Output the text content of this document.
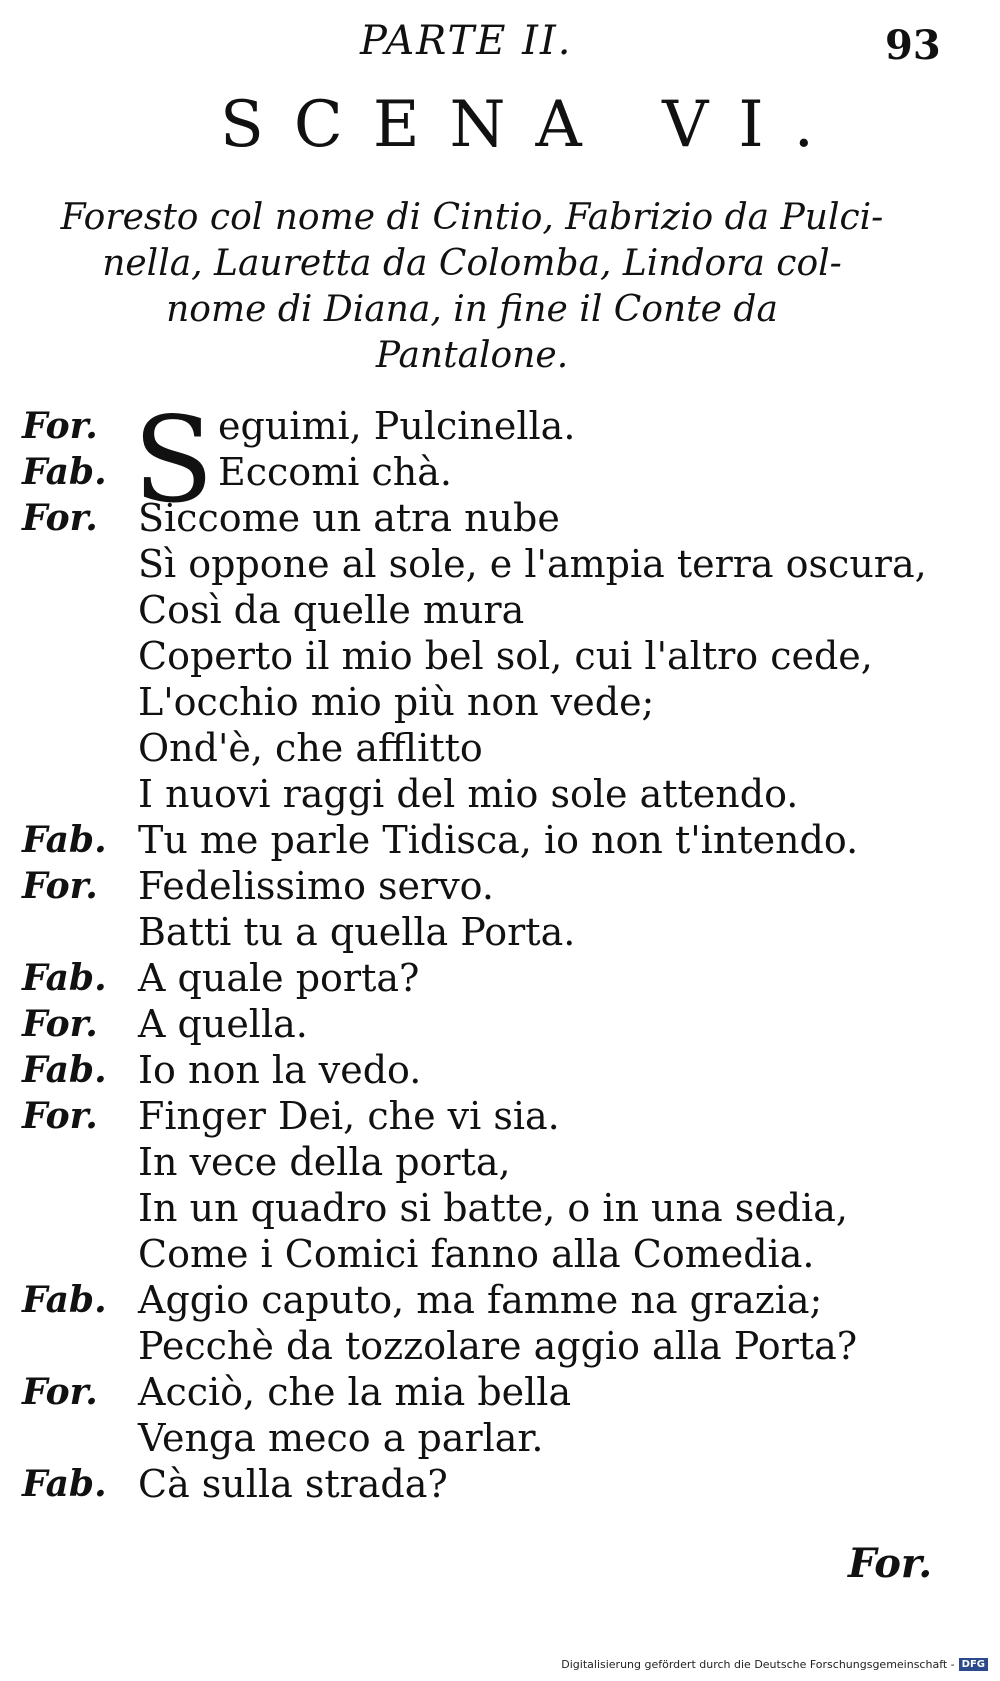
PARTE II.	93
SCENA VI.
Foresto col nome di Cintio, Fabrizio da Pulci-
nella, Lauretta da Colomba, Lindora col-
nome di Diana, in fine il Conte da
Pantalone.
S
For.	eguimi, Pulcinella.
Fab.	Eccomi chà.
For. Siccome un atra nube
Sì oppone al sole, e l'ampia terra oscura,
Così da quelle mura
Coperto il mio bel sol, cui l'altro cede,
L'occhio mio più non vede;
Ond'è, che afflitto
I nuovi raggi del mio sole attendo.
Fab. Tu me parle Tidisca, io non t'intendo.
For. Fedelissimo servo.
Batti tu a quella Porta.
Fab. A quale porta?
For. A quella.
Fab. Io non la vedo.
For. Finger Dei, che vi sia.
In vece della porta,
In un quadro si batte, o in una sedia,
Come i Comici fanno alla Comedia.
Fab. Aggio caputo, ma famme na grazia;
Pecchè da tozzolare aggio alla Porta?
For. Acciò, che la mia bella
Venga meco a parlar.
Fab. Cà sulla strada?
For.
Digitalisierung gefördert durch die Deutsche Forschungsgemeinschaft - DFG
